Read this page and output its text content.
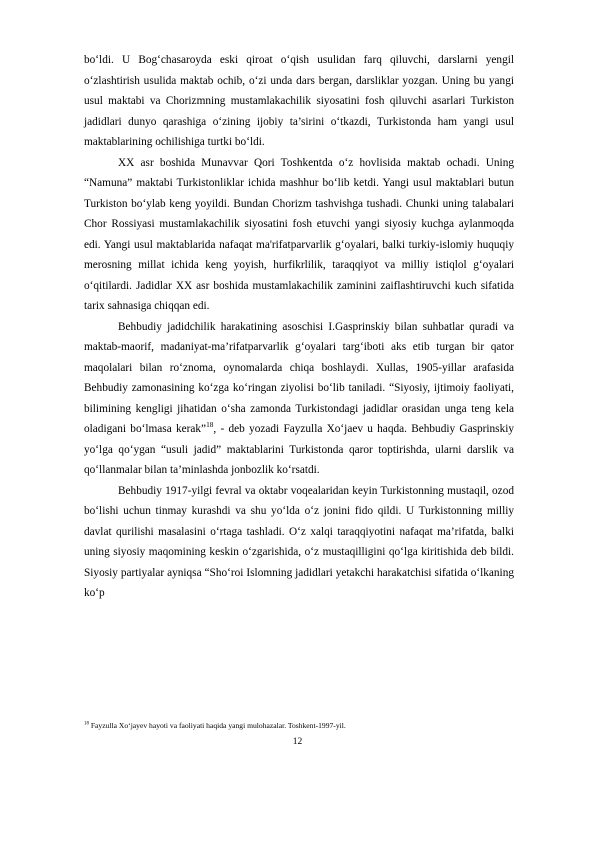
bo‘ldi. U Bog‘chasaroyda eski qiroat o‘qish usulidan farq qiluvchi, darslarni yengil o‘zlashtirish usulida maktab ochib, o‘zi unda dars bergan, darsliklar yozgan. Uning bu yangi usul maktabi va Chorizmning mustamlakachilik siyosatini fosh qiluvchi asarlari Turkiston jadidlari dunyo qarashiga o‘zining ijobiy ta’sirini o‘tkazdi, Turkistonda ham yangi usul maktablarining ochilishiga turtki bo‘ldi.

XX asr boshida Munavvar Qori Toshkentda o‘z hovlisida maktab ochadi. Uning “Namuna” maktabi Turkistonliklar ichida mashhur bo‘lib ketdi. Yangi usul maktablari butun Turkiston bo‘ylab keng yoyildi. Bundan Chorizm tashvishga tushadi. Chunki uning talabalari Chor Rossiyasi mustamlakachilik siyosatini fosh etuvchi yangi siyosiy kuchga aylanmoqda edi. Yangi usul maktablarida nafaqat ma'rifatparvarlik g‘oyalari, balki turkiy-islomiy huquqiy merosning millat ichida keng yoyish, hurfikrlilik, taraqqiyot va milliy istiqlol g‘oyalari o‘qitilardi. Jadidlar XX asr boshida mustamlakachilik zaminini zaiflashtiruvchi kuch sifatida tarix sahnasiga chiqqan edi.

Behbudiy jadidchilik harakatining asoschisi I.Gasprinskiy bilan suhbatlar quradi va maktab-maorif, madaniyat-ma’rifatparvarlik g‘oyalari targ‘iboti aks etib turgan bir qator maqolalari bilan ro‘znoma, oynomalarda chiqa boshlaydi. Xullas, 1905-yillar arafasida Behbudiy zamonasining ko‘zga ko‘ringan ziyolisi bo‘lib taniladi. “Siyosiy, ijtimoiy faoliyati, bilimining kengligi jihatidan o‘sha zamonda Turkistondagi jadidlar orasidan unga teng kela oladigani bo‘lmasa kerak”$^{18}$, - deb yozadi Fayzulla Xo‘jaev u haqda. Behbudiy Gasprinskiy yo‘lga qo‘ygan “usuli jadid” maktablarini Turkistonda qaror toptirishda, ularni darslik va qo‘llanmalar bilan ta’minlashda jonbozlik ko‘rsatdi.

Behbudiy 1917-yilgi fevral va oktabr voqealaridan keyin Turkistonning mustaqil, ozod bo‘lishi uchun tinmay kurashdi va shu yo‘lda o‘z jonini fido qildi. U Turkistonning milliy davlat qurilishi masalasini o‘rtaga tashladi. O‘z xalqi taraqqiyotini nafaqat ma’rifatda, balki uning siyosiy maqomining keskin o‘zgarishida, o‘z mustaqilligini qo‘lga kiritishida deb bildi. Siyosiy partiyalar ayniqsa “Sho‘roi Islomning jadidlari yetakchi harakatchisi sifatida o‘lkaning ko‘p

$^{18}$ Fayzulla Xo‘jayev hayoti va faoliyati haqida yangi mulohazalar. Toshkent-1997-yil.
12
